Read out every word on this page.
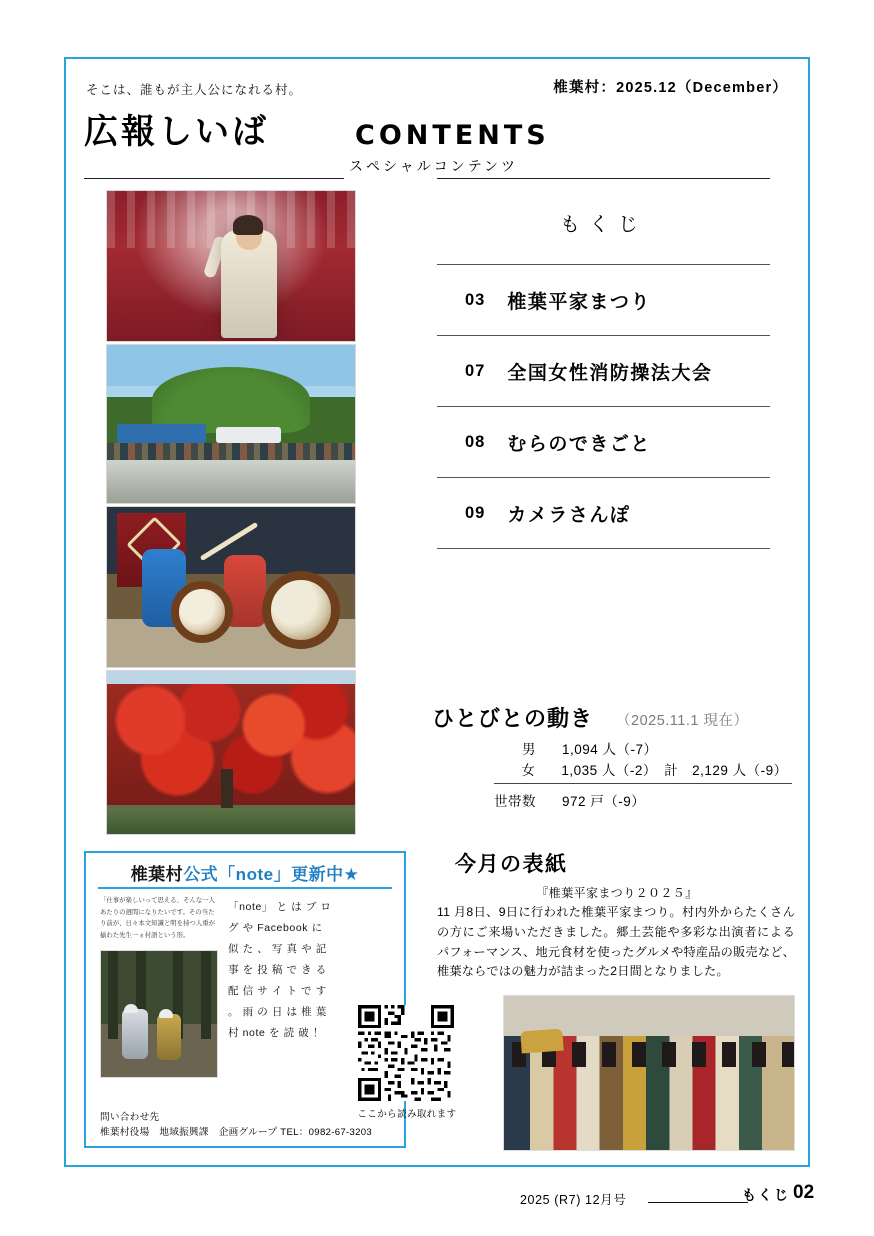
そこは、誰もが主人公になれる村。	椎葉村：2025.12（December）
広報しいば	CONTENTS
スペシャルコンテンツ
椎葉村公式「note」更新中★
「仕事が楽しいって思える、そんな一人あたりの週間になりたいです。その当たり前が、日々本文知識と明を持つ人重が揃わた先生一ヵ村語という形。
「note」 と は ブ ロ グ や Facebook に 似 た 、 写 真 や 記 事 を 投 稿 で き る 配 信 サ イ ト で す 。 雨 の 日 は 椎 葉 村 note を 読 破 ！
ここから読み取れます
問い合わせ先
椎葉村役場　地域振興課　企画グループ TEL：0982-67-3203
もくじ
03 椎葉平家まつり
07 全国女性消防操法大会
08 むらのできごと
09 カメラさんぽ
ひとびとの動き （2025.11.1 現在）
男 1,094 人（-7）
女 1,035 人（-2）　計　2,129 人（-9）
世帯数 972 戸（-9）
今月の表紙
『椎葉平家まつり２０２５』
11 月8日、9日に行われた椎葉平家まつり。村内外からたくさんの方にご来場いただきました。郷土芸能や多彩な出演者によるパフォーマンス、地元食材を使ったグルメや特産品の販売など、椎葉ならではの魅力が詰まった2日間となりました。
2025 (R7) 12月号	もくじ 02
